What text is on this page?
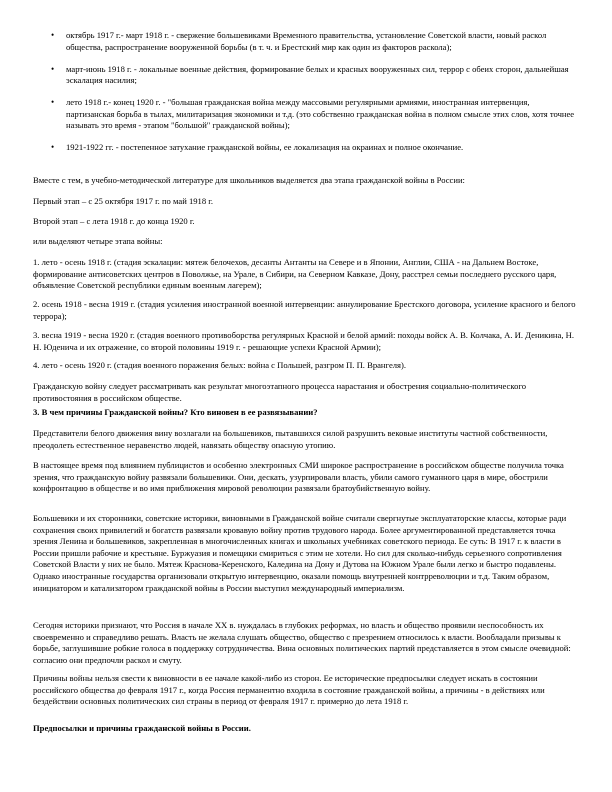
• октябрь 1917 г.- март 1918 г. - свержение большевиками Временного правительства, установление Советской власти, новый раскол общества, распространение вооруженной борьбы (в т. ч. и Брестский мир как один из факторов раскола);
• март-июнь 1918 г. - локальные военные действия, формирование белых и красных вооруженных сил, террор с обеих сторон, дальнейшая эскалация насилия;
• лето 1918 г.- конец 1920 г. - "большая гражданская война между массовыми регулярными армиями, иностранная интервенция, партизанская борьба в тылах, милитаризация экономики и т.д. (это собственно гражданская война в полном смысле этих слов, хотя точнее называть это время - этапом "большой" гражданской войны);
• 1921-1922 гг. - постепенное затухание гражданской войны, ее локализация на окраинах и полное окончание.

Вместе с тем, в учебно-методической литературе для школьников выделяется два этапа гражданской войны в России:

Первый этап – с 25 октября 1917 г. по май 1918 г.

Второй этап – с лета 1918 г. до конца 1920 г.

или выделяют четыре этапа войны:

1. лето - осень 1918 г. (стадия эскалации: мятеж белочехов, десанты Антанты на Севере и в Японии, Англии, США - на Дальнем Востоке, формирование антисоветских центров в Поволжье, на Урале, в Сибири, на Северном Кавказе, Дону, расстрел семьи последнего русского царя, объявление Советской республики единым военным лагерем);

2. осень 1918 - весна 1919 г. (стадия усиления иностранной военной интервенции: аннулирование Брестского договора, усиление красного и белого террора);

3. весна 1919 - весна 1920 г. (стадия военного противоборства регулярных Красной и белой армий: походы войск А. В. Колчака, А. И. Деникина, Н. Н. Юденича и их отражение, со второй половины 1919 г. - решающие успехи Красной Армии);

4. лето - осень 1920 г. (стадия военного поражения белых: война с Польшей, разгром П. П. Врангеля).

Гражданскую войну следует рассматривать как результат многоэтапного процесса нарастания и обострения социально-политического противостояния в российском обществе.

3. В чем причины Гражданской войны? Кто виновен в ее развязывании?

Представители белого движения вину возлагали на большевиков, пытавшихся силой разрушить вековые институты частной собственности, преодолеть естественное неравенство людей, навязать обществу опасную утопию.

В настоящее время под влиянием публицистов и особенно электронных СМИ широкое распространение в российском обществе получила точка зрения, что гражданскую войну развязали большевики. Они, дескать, узурпировали власть, убили самого гуманного царя в мире, обострили конфронтацию в обществе и во имя приближения мировой революции развязали братоубийственную войну.

Большевики и их сторонники, советские историки, виновными в Гражданской войне считали свергнутые эксплуататорские классы, которые ради сохранения своих привилегий и богатств развязали кровавую войну против трудового народа. Более аргументированной представляется точка зрения Ленина и большевиков, закрепленная в многочисленных книгах и школьных учебниках советского периода. Ее суть: В 1917 г. к власти в России пришли рабочие и крестьяне. Буржуазия и помещики смириться с этим не хотели. Но сил для сколько-нибудь серьезного сопротивления Советской Власти у них не было. Мятеж Краснова-Керенского, Каледина на Дону и Дутова на Южном Урале были легко и быстро подавлены. Однако иностранные государства организовали открытую интервенцию, оказали помощь внутренней контрреволюции и т.д. Таким образом, инициатором и катализатором гражданской войны в России выступил международный империализм.

Сегодня историки признают, что Россия в начале XX в. нуждалась в глубоких реформах, но власть и общество проявили неспособность их своевременно и справедливо решать. Власть не желала слушать общество, общество с презрением относилось к власти. Вообладали призывы к борьбе, заглушившие робкие голоса в поддержку сотрудничества. Вина основных политических партий представляется в этом смысле очевидной: согласию они предпочли раскол и смуту.

Причины войны нельзя свести к виновности в ее начале какой-либо из сторон. Ее исторические предпосылки следует искать в состоянии российского общества до февраля 1917 г., когда Россия перманентно входила в состояние гражданской войны, а причины - в действиях или бездействии основных политических сил страны в период от февраля 1917 г. примерно до лета 1918 г.

Предпосылки и причины гражданской войны в России.
